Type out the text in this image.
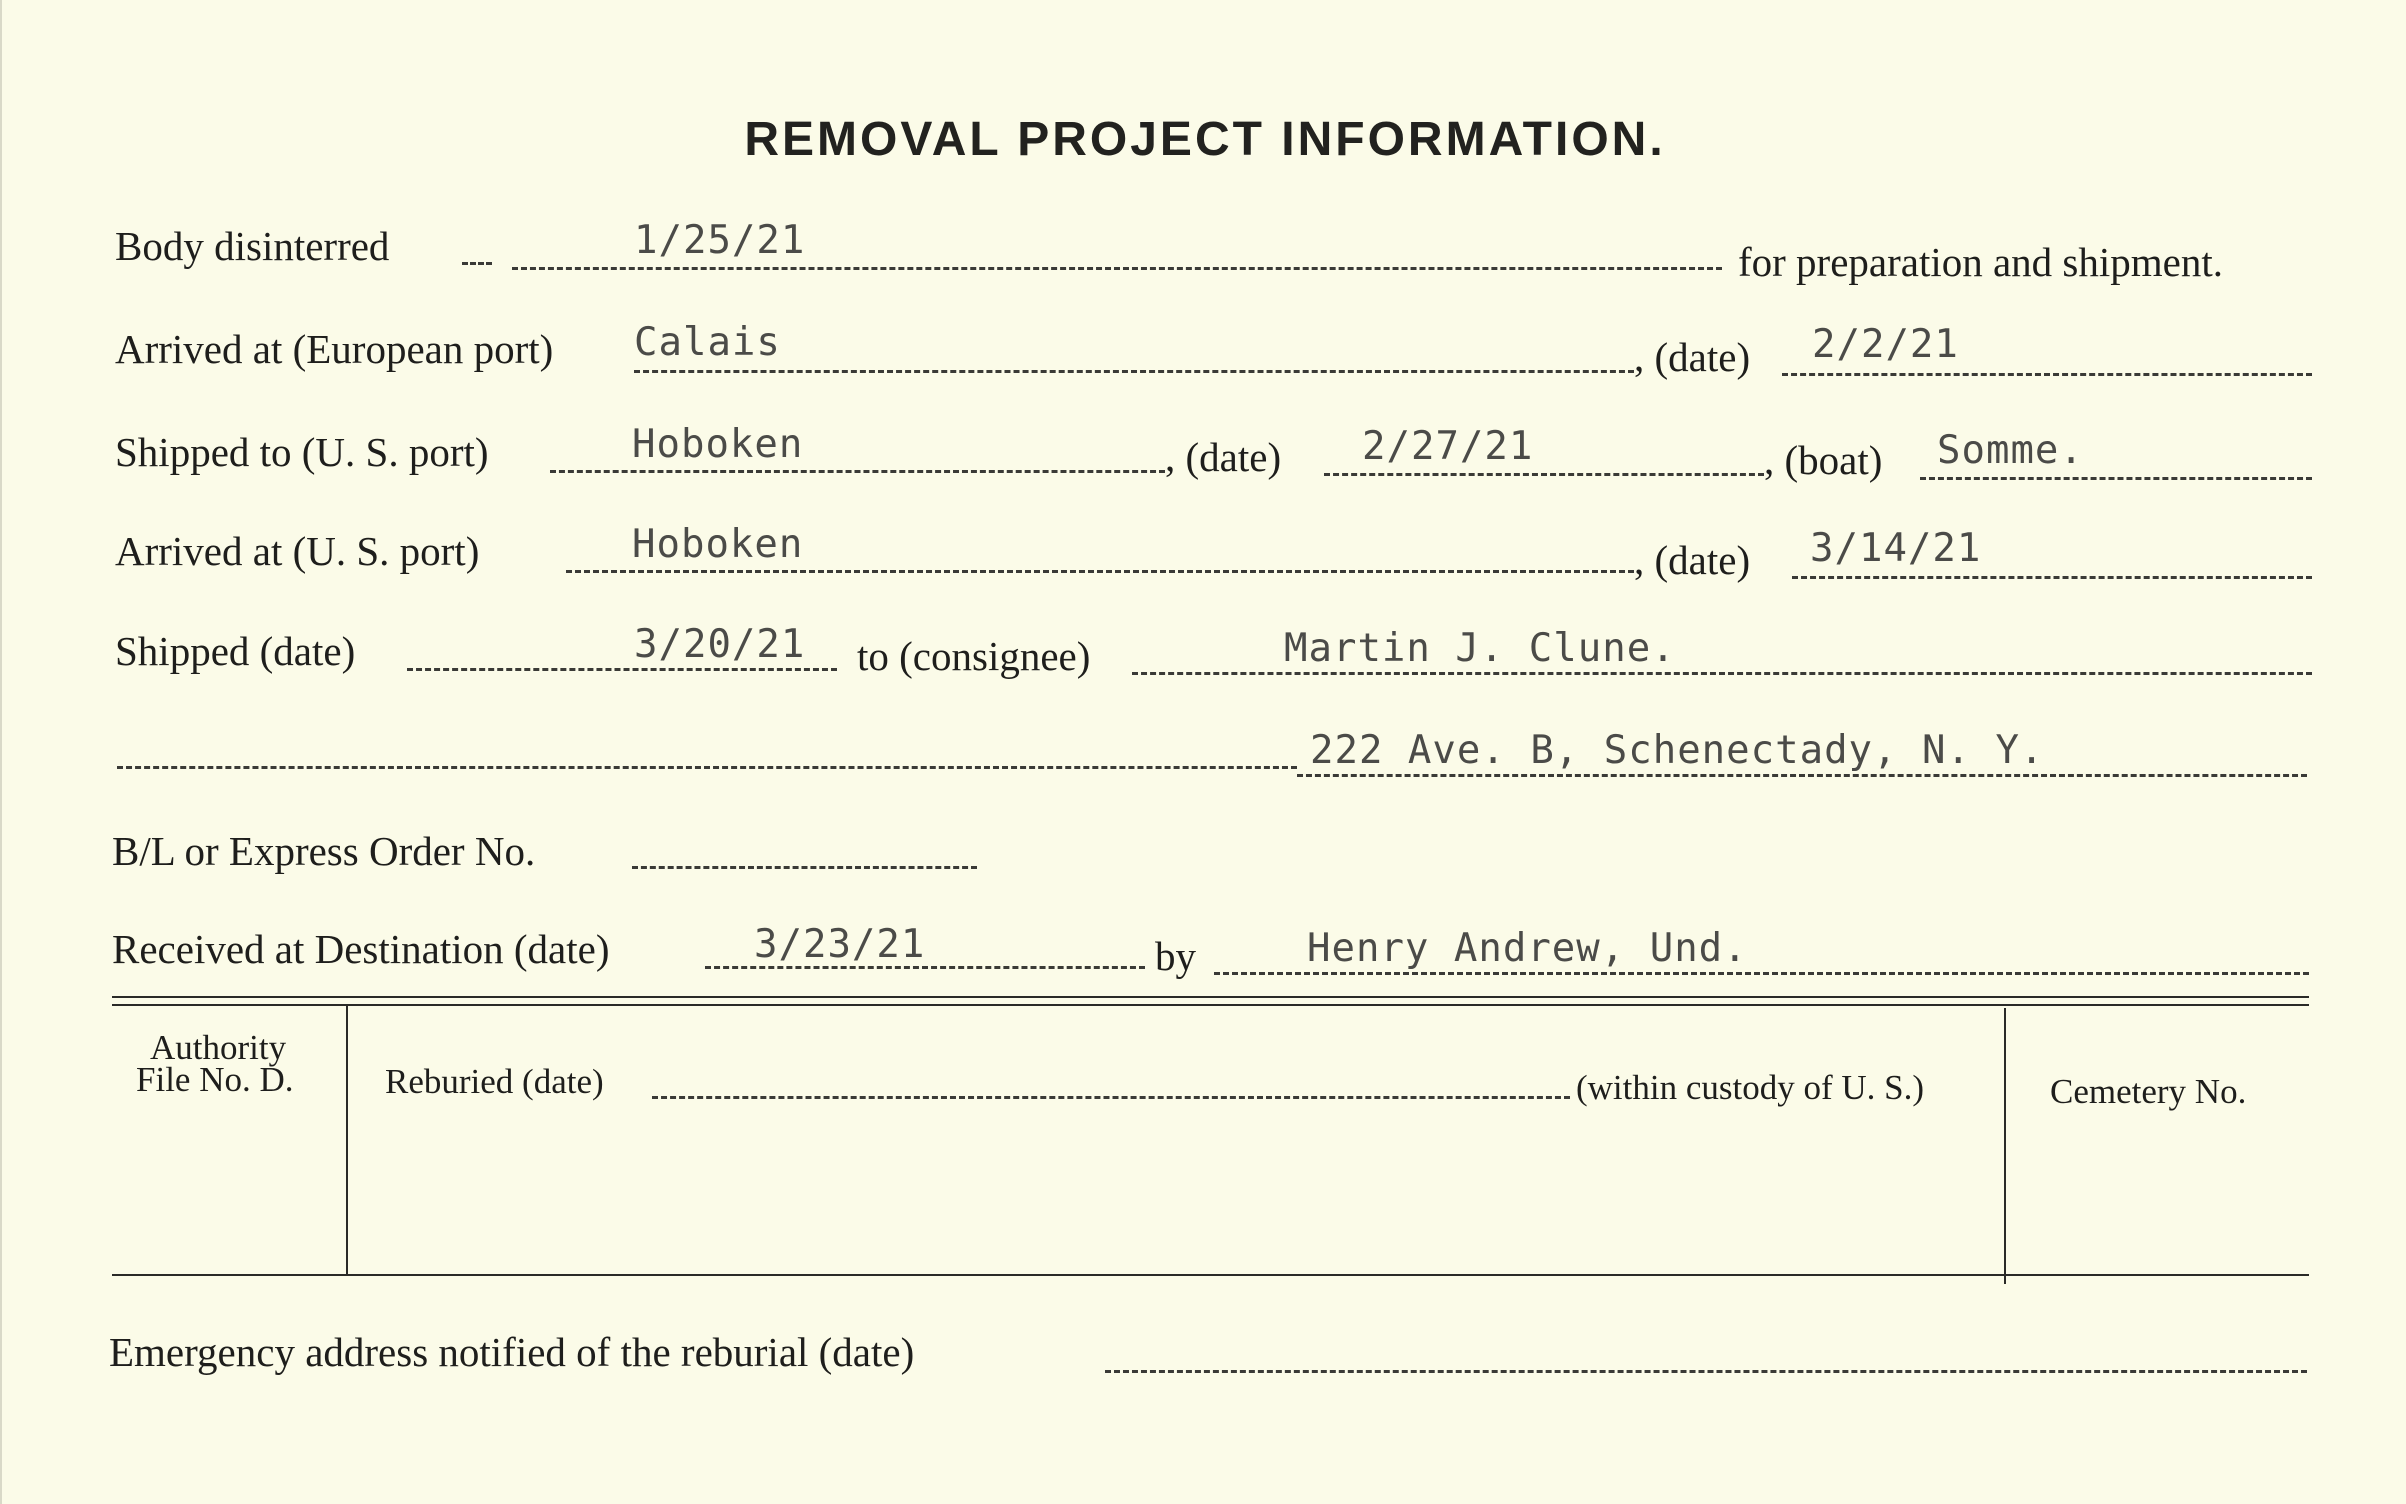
REMOVAL PROJECT INFORMATION.
Body disinterred	1/25/21	for preparation and shipment.
Arrived at (European port) Calais	, (date) 2/2/21
Shipped to (U. S. port)	Hoboken	, (date) 2/27/21	, (boat) Somme.
Arrived at (U. S. port)	Hoboken	, (date) 3/14/21
Shipped (date)	3/20/21 to (consignee)	Martin J. Clune.
222 Ave. B, Schenectady, N. Y.
B/L or Express Order No.
Received at Destination (date)	3/23/21	by	Henry Andrew, Und.
Authority
File No. D.	Reburied (date)	(within custody of U. S.)	Cemetery No.
Emergency address notified of the reburial (date)
